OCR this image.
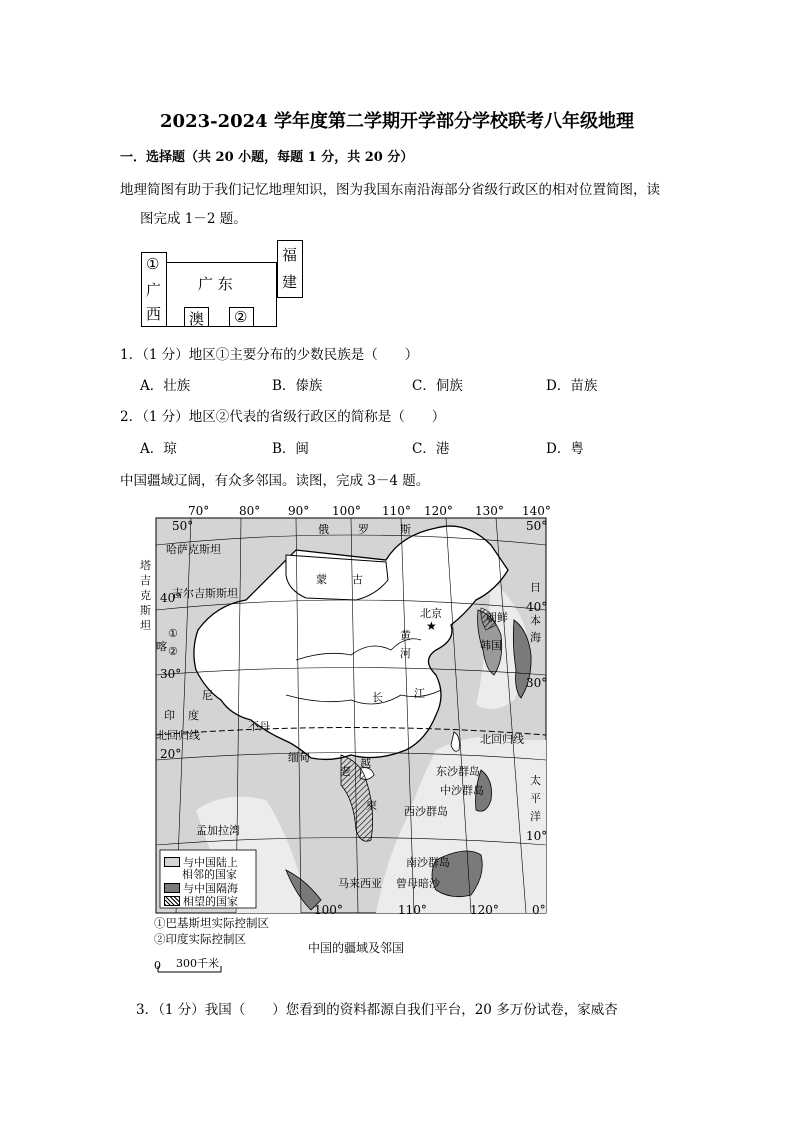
2023-2024 学年度第二学期开学部分学校联考八年级地理
一．选择题（共 20 小题，每题 1 分，共 20 分）
地理简图有助于我们记忆地理知识，图为我国东南沿海部分省级行政区的相对位置简图，读
图完成 1－2 题。
①
广
西
广 东
澳 ②
福
建
1．（1 分）地区①主要分布的少数民族是（　　）
A．壮族	B．傣族	C．侗族	D．苗族
2．（1 分）地区②代表的省级行政区的简称是（　　）
A．琼	B．闽	C．港	D．粤
中国疆域辽阔，有众多邻国。读图，完成 3－4 题。
★
70° 80° 90° 100° 110° 120° 130° 140°
100°	110°	120°	0°
50°
40°
30°
20°
50°
40°
30°
10°
俄	罗	斯
蒙 古
哈萨克斯坦
吉尔吉斯斯坦
塔
吉
克
斯
坦
①
喀 ②
北京
黄
河
长	江
朝鲜
韩国
日
本
海
印 度
尼
不丹
缅甸
老
越
柬
孟加拉湾
北回归线	北回归线
东沙群岛
中沙群岛
西沙群岛
南沙群岛
马来西亚 曾母暗沙
太
平
洋
与中国陆上
相邻的国家
与中国隔海
相望的国家
①巴基斯坦实际控制区
②印度实际控制区
中国的疆域及邻国
0 300千米
3．（1 分）我国（　　）您看到的资料都源自我们平台，20 多万份试卷，家威杏
